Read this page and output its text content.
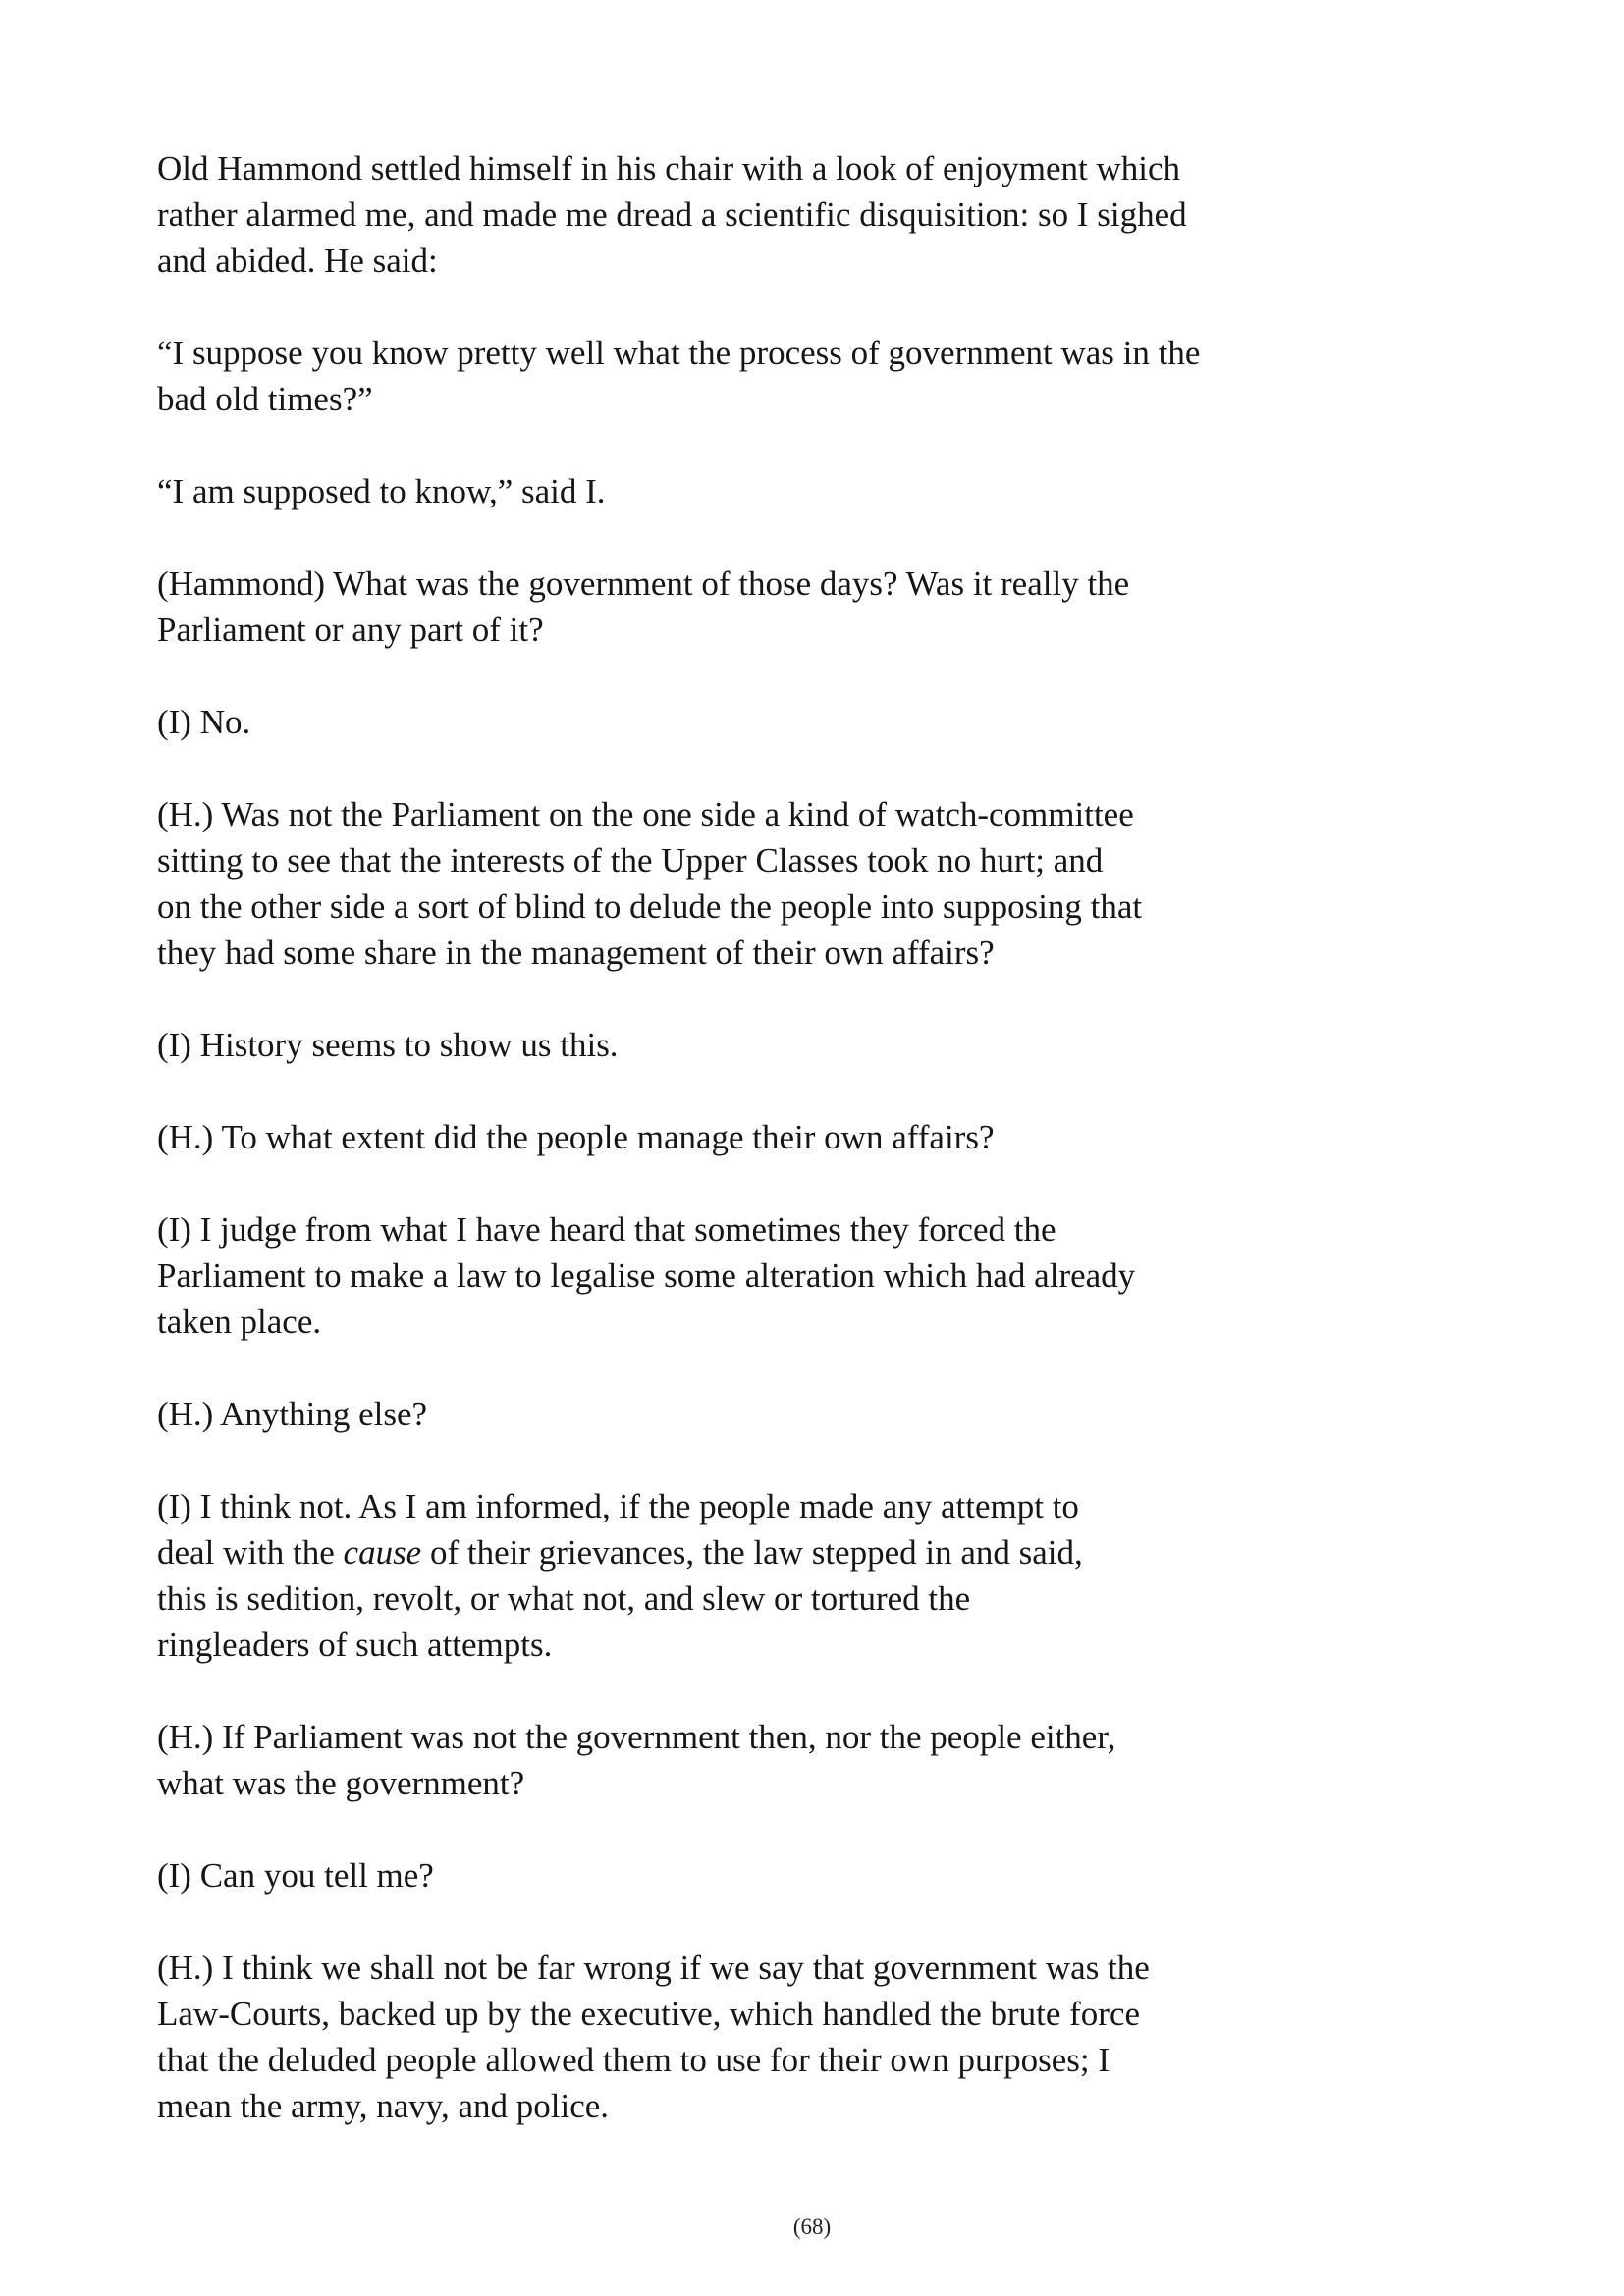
Old Hammond settled himself in his chair with a look of enjoyment which
rather alarmed me, and made me dread a scientific disquisition: so I sighed
and abided. He said:

“I suppose you know pretty well what the process of government was in the
bad old times?”

“I am supposed to know,” said I.

(Hammond) What was the government of those days? Was it really the
Parliament or any part of it?

(I) No.

(H.) Was not the Parliament on the one side a kind of watch-committee
sitting to see that the interests of the Upper Classes took no hurt; and
on the other side a sort of blind to delude the people into supposing that
they had some share in the management of their own affairs?

(I) History seems to show us this.

(H.) To what extent did the people manage their own affairs?

(I) I judge from what I have heard that sometimes they forced the
Parliament to make a law to legalise some alteration which had already
taken place.

(H.) Anything else?

(I) I think not. As I am informed, if the people made any attempt to
deal with the cause of their grievances, the law stepped in and said,
this is sedition, revolt, or what not, and slew or tortured the
ringleaders of such attempts.

(H.) If Parliament was not the government then, nor the people either,
what was the government?

(I) Can you tell me?

(H.) I think we shall not be far wrong if we say that government was the
Law-Courts, backed up by the executive, which handled the brute force
that the deluded people allowed them to use for their own purposes; I
mean the army, navy, and police.

(68)
